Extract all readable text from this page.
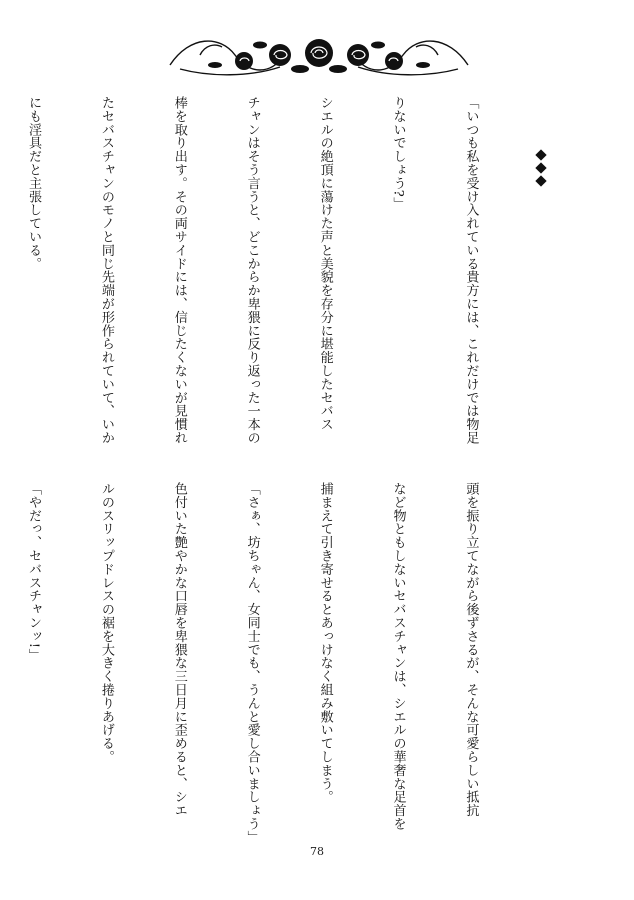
「いつも私を受け入れている貴方には、これだけでは物足

りないでしょう?」

シエルの絶頂に蕩けた声と美貌を存分に堪能したセバス

チャンはそう言うと、どこからか卑猥に反り返った一本の

棒を取り出す。その両サイドには、信じたくないが見慣れ

たセバスチャンのモノと同じ先端が形作られていて、いか

にも淫具だと主張している。

頭を振り立てながら後ずさるが、そんな可愛らしい抵抗

など物ともしないセバスチャンは、シエルの華奢な足首を

捕まえて引き寄せるとあっけなく組み敷いてしまう。

「さぁ、坊ちゃん、女同士でも、うんと愛し合いましょう」

色付いた艶やかな口唇を卑猥な三日月に歪めると、シエ

ルのスリップドレスの裾を大きく捲りあげる。

「やだっ、セバスチャンッ!」

78
